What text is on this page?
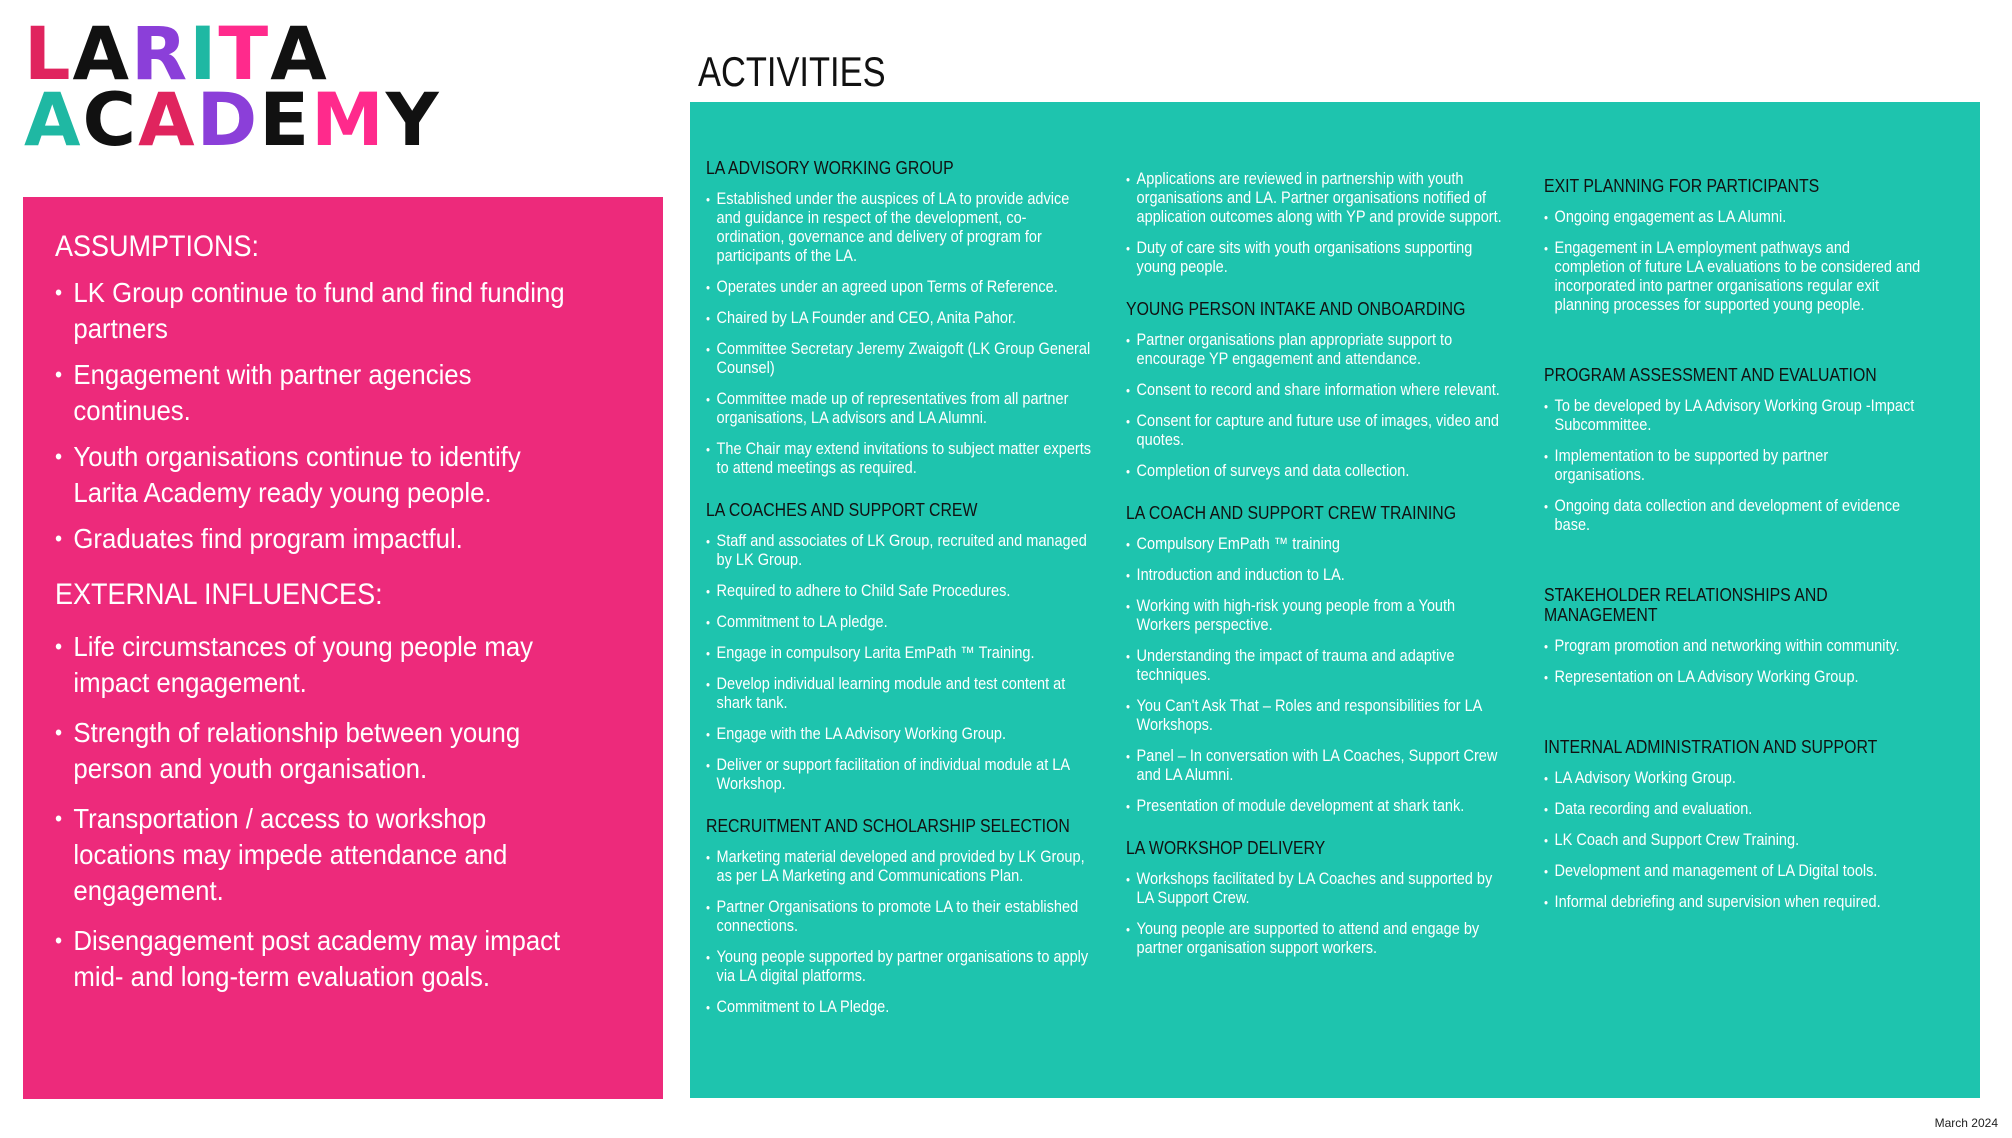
LARITA
ACADEMY
ASSUMPTIONS:
• LK Group continue to fund and find funding partners
• Engagement with partner agencies continues.
• Youth organisations continue to identify Larita Academy ready young people.
• Graduates find program impactful.
EXTERNAL INFLUENCES:
• Life circumstances of young people may impact engagement.
• Strength of relationship between young person and youth organisation.
• Transportation / access to workshop locations may impede attendance and engagement.
• Disengagement post academy may impact mid- and long-term evaluation goals.
ACTIVITIES
LA ADVISORY WORKING GROUP
• Established under the auspices of LA to provide advice and guidance in respect of the development, co-ordination, governance and delivery of program for participants of the LA.
• Operates under an agreed upon Terms of Reference.
• Chaired by LA Founder and CEO, Anita Pahor.
• Committee Secretary Jeremy Zwaigoft (LK Group General Counsel)
• Committee made up of representatives from all partner organisations, LA advisors and LA Alumni.
• The Chair may extend invitations to subject matter experts to attend meetings as required.
LA COACHES AND SUPPORT CREW
• Staff and associates of LK Group, recruited and managed by LK Group.
• Required to adhere to Child Safe Procedures.
• Commitment to LA pledge.
• Engage in compulsory Larita EmPath ™ Training.
• Develop individual learning module and test content at shark tank.
• Engage with the LA Advisory Working Group.
• Deliver or support facilitation of individual module at LA Workshop.
RECRUITMENT AND SCHOLARSHIP SELECTION
• Marketing material developed and provided by LK Group, as per LA Marketing and Communications Plan.
• Partner Organisations to promote LA to their established connections.
• Young people supported by partner organisations to apply via LA digital platforms.
• Commitment to LA Pledge.
• Applications are reviewed in partnership with youth organisations and LA. Partner organisations notified of application outcomes along with YP and provide support.
• Duty of care sits with youth organisations supporting young people.
YOUNG PERSON INTAKE AND ONBOARDING
• Partner organisations plan appropriate support to encourage YP engagement and attendance.
• Consent to record and share information where relevant.
• Consent for capture and future use of images, video and quotes.
• Completion of surveys and data collection.
LA COACH AND SUPPORT CREW TRAINING
• Compulsory EmPath ™ training
• Introduction and induction to LA.
• Working with high-risk young people from a Youth Workers perspective.
• Understanding the impact of trauma and adaptive techniques.
• You Can't Ask That – Roles and responsibilities for LA Workshops.
• Panel – In conversation with LA Coaches, Support Crew and LA Alumni.
• Presentation of module development at shark tank.
LA WORKSHOP DELIVERY
• Workshops facilitated by LA Coaches and supported by LA Support Crew.
• Young people are supported to attend and engage by partner organisation support workers.
EXIT PLANNING FOR PARTICIPANTS
• Ongoing engagement as LA Alumni.
• Engagement in LA employment pathways and completion of future LA evaluations to be considered and incorporated into partner organisations regular exit planning processes for supported young people.
PROGRAM ASSESSMENT AND EVALUATION
• To be developed by LA Advisory Working Group -Impact Subcommittee.
• Implementation to be supported by partner organisations.
• Ongoing data collection and development of evidence base.
STAKEHOLDER RELATIONSHIPS AND MANAGEMENT
• Program promotion and networking within community.
• Representation on LA Advisory Working Group.
INTERNAL ADMINISTRATION AND SUPPORT
• LA Advisory Working Group.
• Data recording and evaluation.
• LK Coach and Support Crew Training.
• Development and management of LA Digital tools.
• Informal debriefing and supervision when required.
March 2024
